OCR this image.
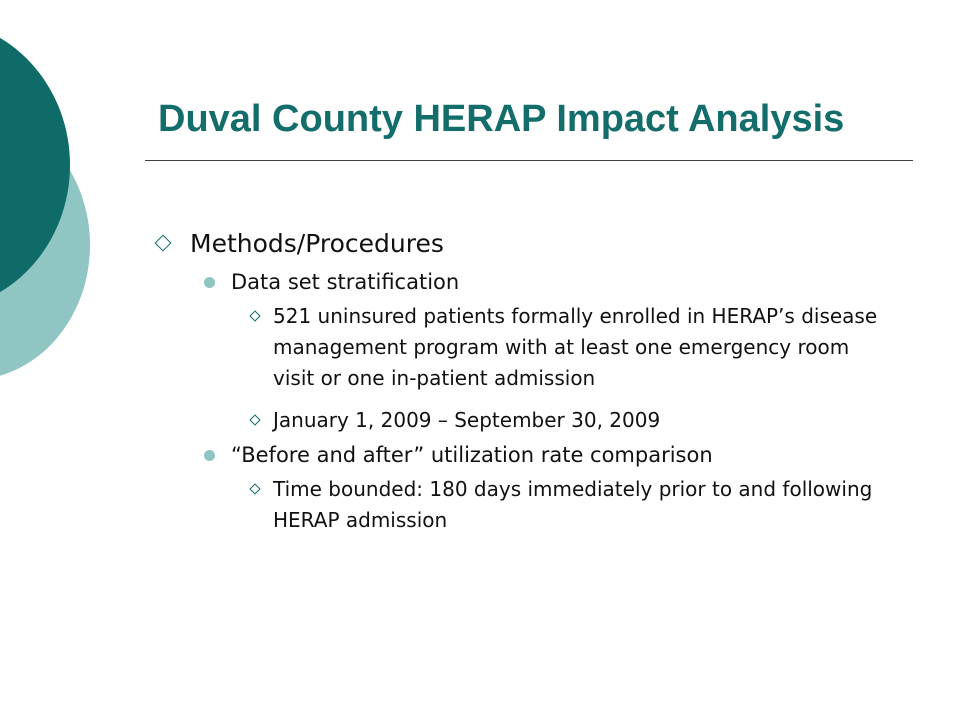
Duval County HERAP Impact Analysis
Methods/Procedures
Data set stratification
521 uninsured patients formally enrolled in HERAP’s disease management program with at least one emergency room visit or one in-patient admission
January 1, 2009 – September 30, 2009
“Before and after” utilization rate comparison
Time bounded: 180 days immediately prior to and following HERAP admission
